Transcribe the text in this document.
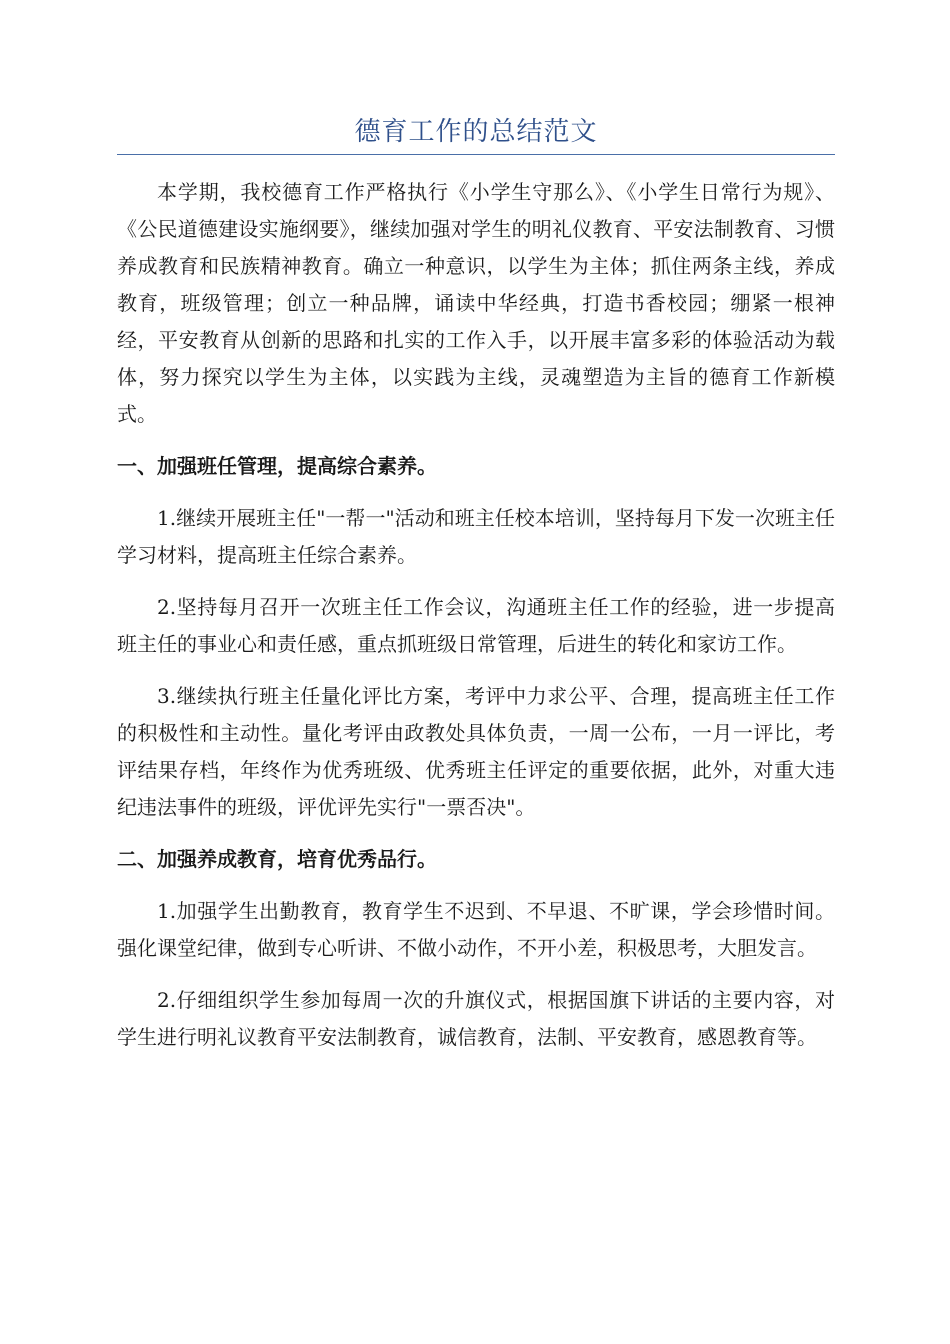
德育工作的总结范文

本学期，我校德育工作严格执行《小学生守那么》、《小学生日常行为规》、《公民道德建设实施纲要》，继续加强对学生的明礼仪教育、平安法制教育、习惯养成教育和民族精神教育。确立一种意识，以学生为主体；抓住两条主线，养成教育，班级管理；创立一种品牌，诵读中华经典，打造书香校园；绷紧一根神经，平安教育从创新的思路和扎实的工作入手，以开展丰富多彩的体验活动为载体，努力探究以学生为主体，以实践为主线，灵魂塑造为主旨的德育工作新模式。

一、加强班任管理，提高综合素养。

1.继续开展班主任"一帮一"活动和班主任校本培训，坚持每月下发一次班主任学习材料，提高班主任综合素养。

2.坚持每月召开一次班主任工作会议，沟通班主任工作的经验，进一步提高班主任的事业心和责任感，重点抓班级日常管理，后进生的转化和家访工作。

3.继续执行班主任量化评比方案，考评中力求公平、合理，提高班主任工作的积极性和主动性。量化考评由政教处具体负责，一周一公布，一月一评比，考评结果存档，年终作为优秀班级、优秀班主任评定的重要依据，此外，对重大违纪违法事件的班级，评优评先实行"一票否决"。

二、加强养成教育，培育优秀品行。

1.加强学生出勤教育，教育学生不迟到、不早退、不旷课，学会珍惜时间。强化课堂纪律，做到专心听讲、不做小动作，不开小差，积极思考，大胆发言。

2.仔细组织学生参加每周一次的升旗仪式，根据国旗下讲话的主要内容，对学生进行明礼议教育平安法制教育，诚信教育，法制、平安教育，感恩教育等。
